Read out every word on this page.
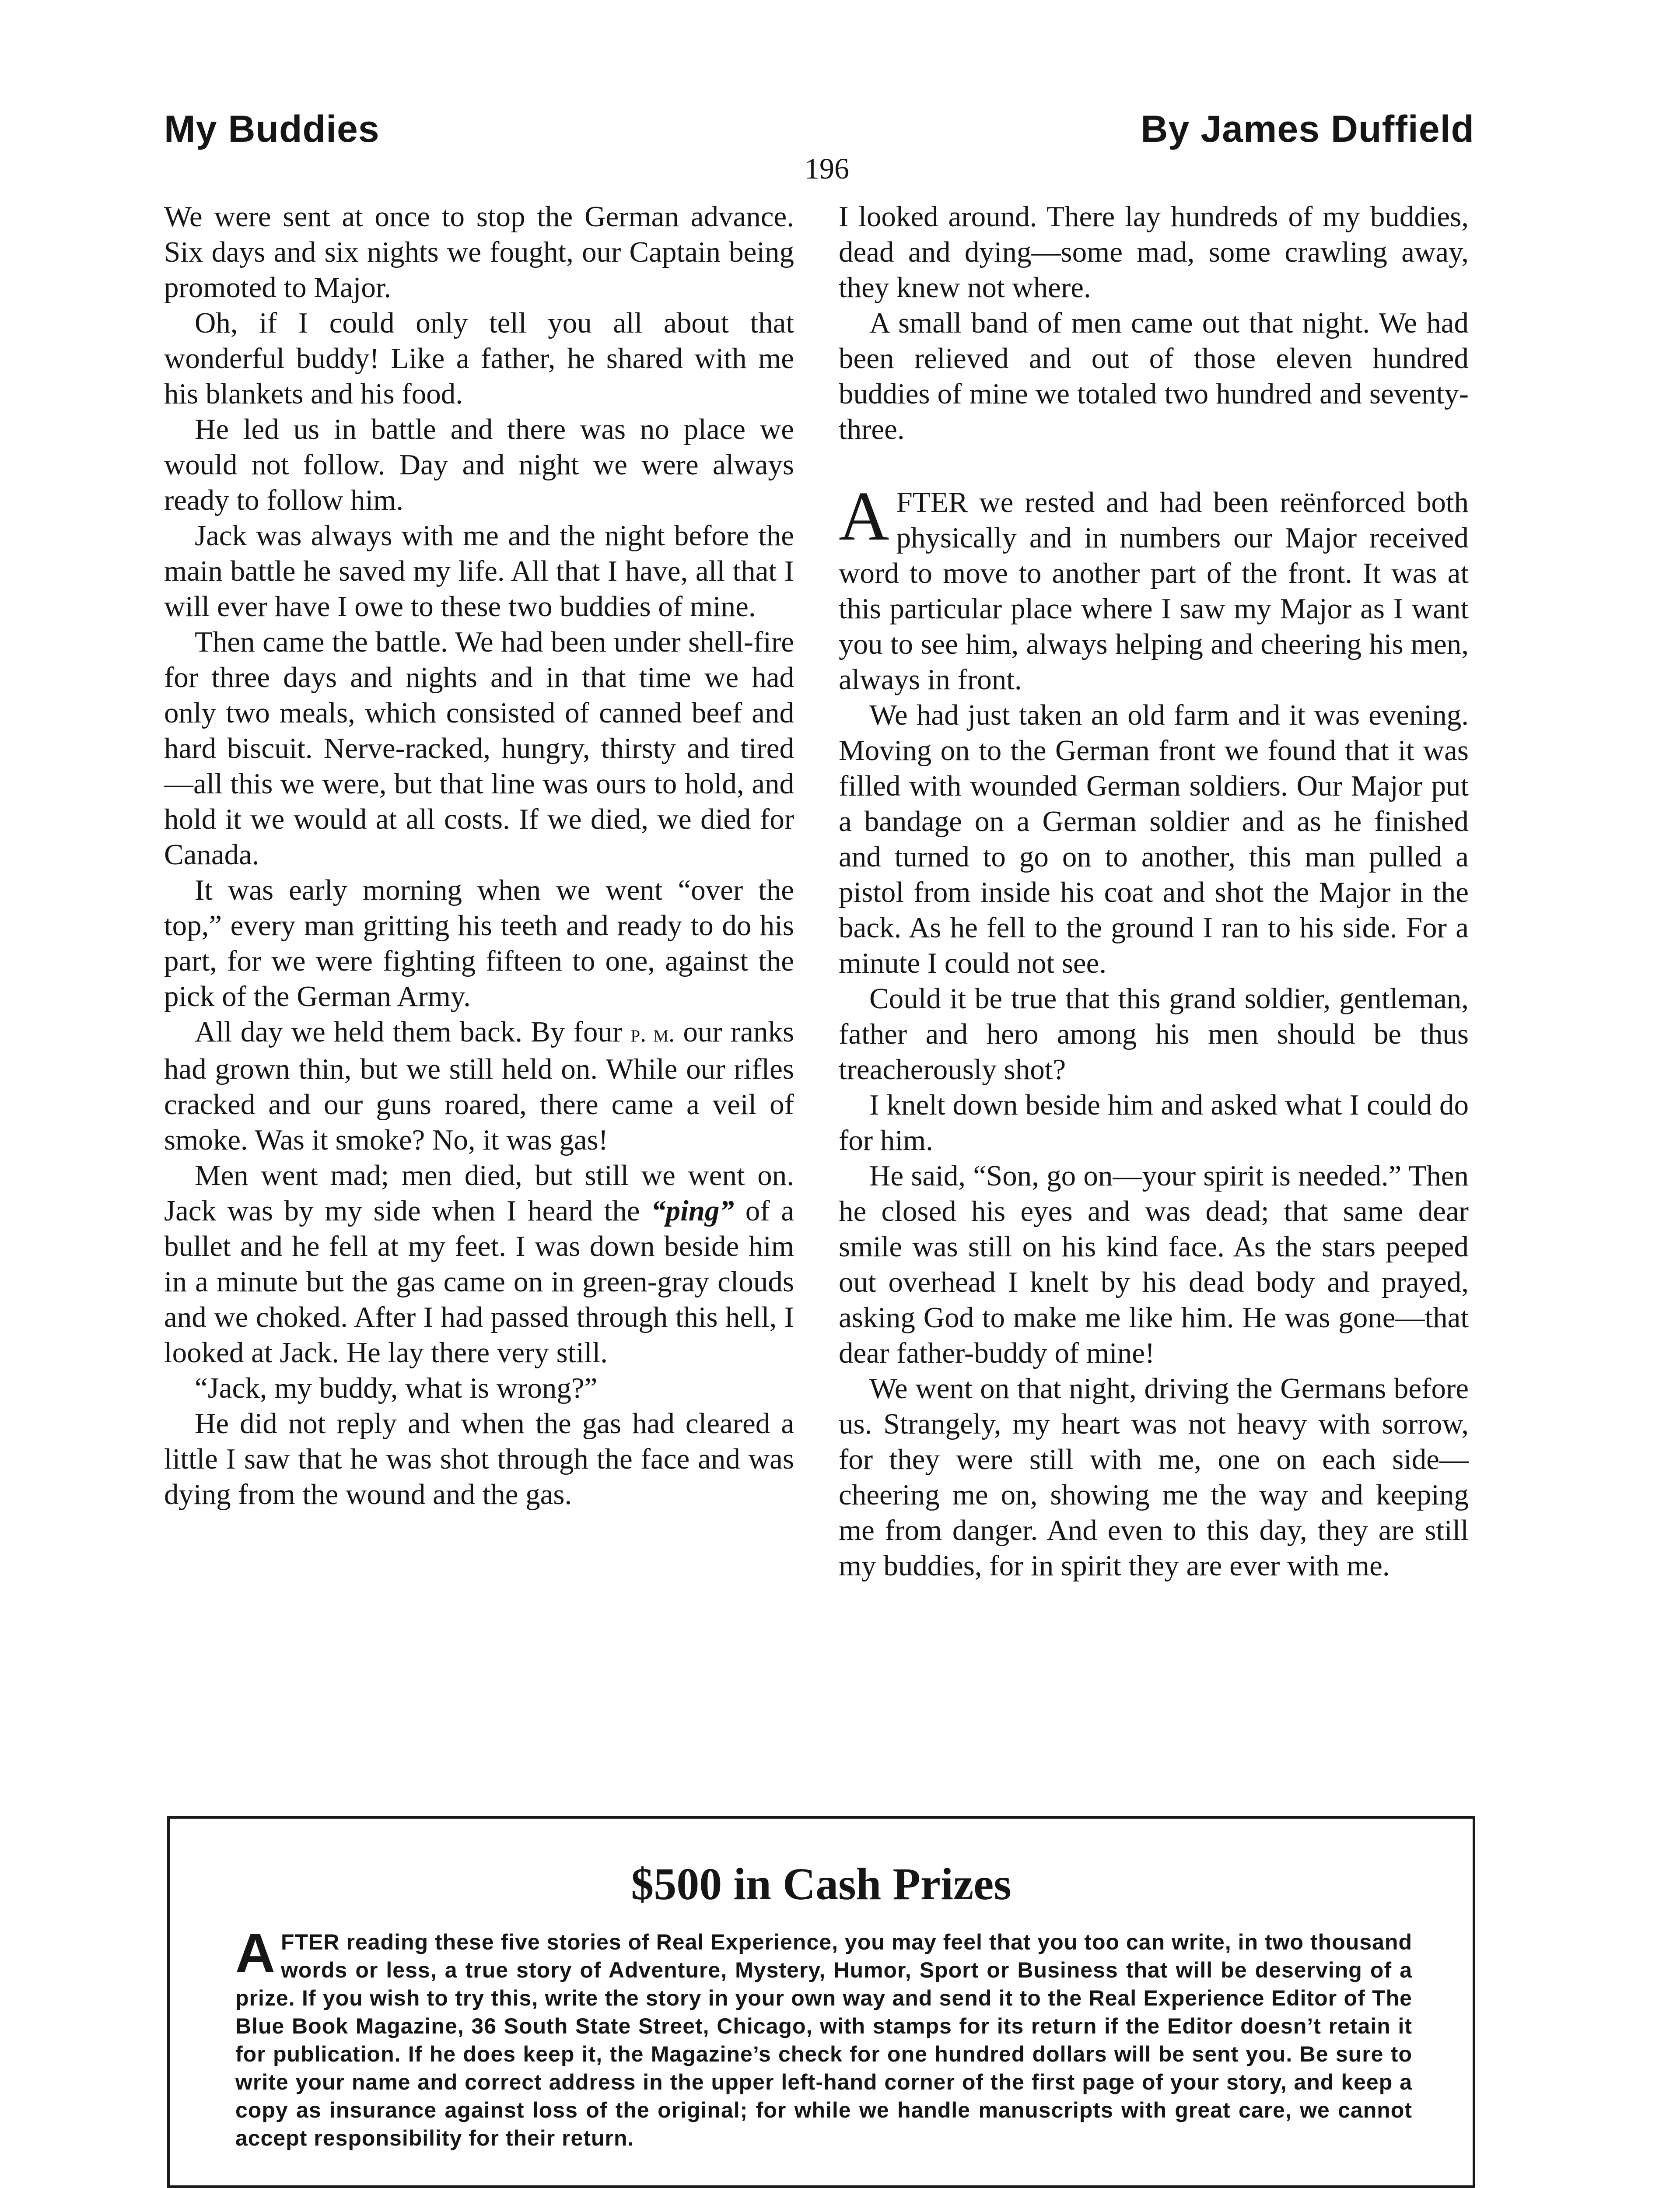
My Buddies	By James Duffield
196

We were sent at once to stop the German advance. Six days and six nights we fought, our Captain being promoted to Major.

Oh, if I could only tell you all about that wonderful buddy! Like a father, he shared with me his blankets and his food.

He led us in battle and there was no place we would not follow. Day and night we were always ready to follow him.

Jack was always with me and the night before the main battle he saved my life. All that I have, all that I will ever have I owe to these two buddies of mine.

Then came the battle. We had been under shell-fire for three days and nights and in that time we had only two meals, which consisted of canned beef and hard biscuit. Nerve-racked, hungry, thirsty and tired—all this we were, but that line was ours to hold, and hold it we would at all costs. If we died, we died for Canada.

It was early morning when we went “over the top,” every man gritting his teeth and ready to do his part, for we were fighting fifteen to one, against the pick of the German Army.

All day we held them back. By four p. m. our ranks had grown thin, but we still held on. While our rifles cracked and our guns roared, there came a veil of smoke. Was it smoke? No, it was gas!

Men went mad; men died, but still we went on. Jack was by my side when I heard the “ping” of a bullet and he fell at my feet. I was down beside him in a minute but the gas came on in green-gray clouds and we choked. After I had passed through this hell, I looked at Jack. He lay there very still.

“Jack, my buddy, what is wrong?”

He did not reply and when the gas had cleared a little I saw that he was shot through the face and was dying from the wound and the gas.

I looked around. There lay hundreds of my buddies, dead and dying—some mad, some crawling away, they knew not where.

A small band of men came out that night. We had been relieved and out of those eleven hundred buddies of mine we totaled two hundred and seventy-three.

AFTER we rested and had been reënforced both physically and in numbers our Major received word to move to another part of the front. It was at this particular place where I saw my Major as I want you to see him, always helping and cheering his men, always in front.

We had just taken an old farm and it was evening. Moving on to the German front we found that it was filled with wounded German soldiers. Our Major put a bandage on a German soldier and as he finished and turned to go on to another, this man pulled a pistol from inside his coat and shot the Major in the back. As he fell to the ground I ran to his side. For a minute I could not see.

Could it be true that this grand soldier, gentleman, father and hero among his men should be thus treacherously shot?

I knelt down beside him and asked what I could do for him.

He said, “Son, go on—your spirit is needed.” Then he closed his eyes and was dead; that same dear smile was still on his kind face. As the stars peeped out overhead I knelt by his dead body and prayed, asking God to make me like him. He was gone—that dear father-buddy of mine!

We went on that night, driving the Germans before us. Strangely, my heart was not heavy with sorrow, for they were still with me, one on each side—cheering me on, showing me the way and keeping me from danger. And even to this day, they are still my buddies, for in spirit they are ever with me.

$500 in Cash Prizes
AFTER reading these five stories of Real Experience, you may feel that you too can write, in two thousand words or less, a true story of Adventure, Mystery, Humor, Sport or Business that will be deserving of a prize. If you wish to try this, write the story in your own way and send it to the Real Experience Editor of The Blue Book Magazine, 36 South State Street, Chicago, with stamps for its return if the Editor doesn’t retain it for publication. If he does keep it, the Magazine’s check for one hundred dollars will be sent you. Be sure to write your name and correct address in the upper left-hand corner of the first page of your story, and keep a copy as insurance against loss of the original; for while we handle manuscripts with great care, we cannot accept responsibility for their return.
